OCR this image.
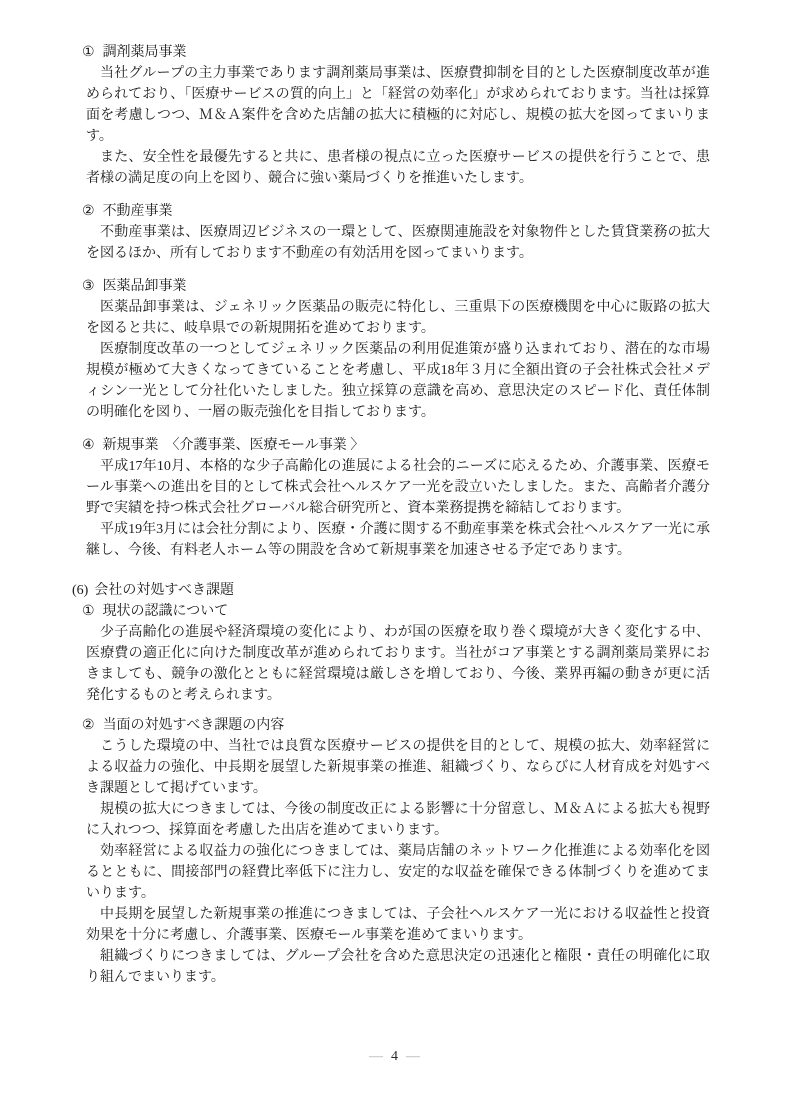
① 調剤薬局事業

当社グループの主力事業であります調剤薬局事業は、医療費抑制を目的とした医療制度改革が進められており、「医療サービスの質的向上」と「経営の効率化」が求められております。当社は採算面を考慮しつつ、Ｍ＆Ａ案件を含めた店舗の拡大に積極的に対応し、規模の拡大を図ってまいります。

また、安全性を最優先すると共に、患者様の視点に立った医療サービスの提供を行うことで、患者様の満足度の向上を図り、競合に強い薬局づくりを推進いたします。

② 不動産事業

不動産事業は、医療周辺ビジネスの一環として、医療関連施設を対象物件とした賃貸業務の拡大を図るほか、所有しております不動産の有効活用を図ってまいります。

③ 医薬品卸事業

医薬品卸事業は、ジェネリック医薬品の販売に特化し、三重県下の医療機関を中心に販路の拡大を図ると共に、岐阜県での新規開拓を進めております。

医療制度改革の一つとしてジェネリック医薬品の利用促進策が盛り込まれており、潜在的な市場規模が極めて大きくなってきていることを考慮し、平成18年３月に全額出資の子会社株式会社メディシン一光として分社化いたしました。独立採算の意識を高め、意思決定のスピード化、責任体制の明確化を図り、一層の販売強化を目指しております。

④ 新規事業　〈介護事業、医療モール事業 〉

平成17年10月、本格的な少子高齢化の進展による社会的ニーズに応えるため、介護事業、医療モール事業への進出を目的として株式会社ヘルスケア一光を設立いたしました。また、高齢者介護分野で実績を持つ株式会社グローバル総合研究所と、資本業務提携を締結しております。

平成19年3月には会社分割により、医療・介護に関する不動産事業を株式会社ヘルスケア一光に承継し、今後、有料老人ホーム等の開設を含めて新規事業を加速させる予定であります。

(6) 会社の対処すべき課題
① 現状の認識について

少子高齢化の進展や経済環境の変化により、わが国の医療を取り巻く環境が大きく変化する中、医療費の適正化に向けた制度改革が進められております。当社がコア事業とする調剤薬局業界におきましても、競争の激化とともに経営環境は厳しさを増しており、今後、業界再編の動きが更に活発化するものと考えられます。

② 当面の対処すべき課題の内容

こうした環境の中、当社では良質な医療サービスの提供を目的として、規模の拡大、効率経営による収益力の強化、中長期を展望した新規事業の推進、組織づくり、ならびに人材育成を対処すべき課題として掲げています。

規模の拡大につきましては、今後の制度改正による影響に十分留意し、Ｍ＆Ａによる拡大も視野に入れつつ、採算面を考慮した出店を進めてまいります。

効率経営による収益力の強化につきましては、薬局店舗のネットワーク化推進による効率化を図るとともに、間接部門の経費比率低下に注力し、安定的な収益を確保できる体制づくりを進めてまいります。

中長期を展望した新規事業の推進につきましては、子会社ヘルスケア一光における収益性と投資効果を十分に考慮し、介護事業、医療モール事業を進めてまいります。

組織づくりにつきましては、グループ会社を含めた意思決定の迅速化と権限・責任の明確化に取り組んでまいります。

― 4 ―
